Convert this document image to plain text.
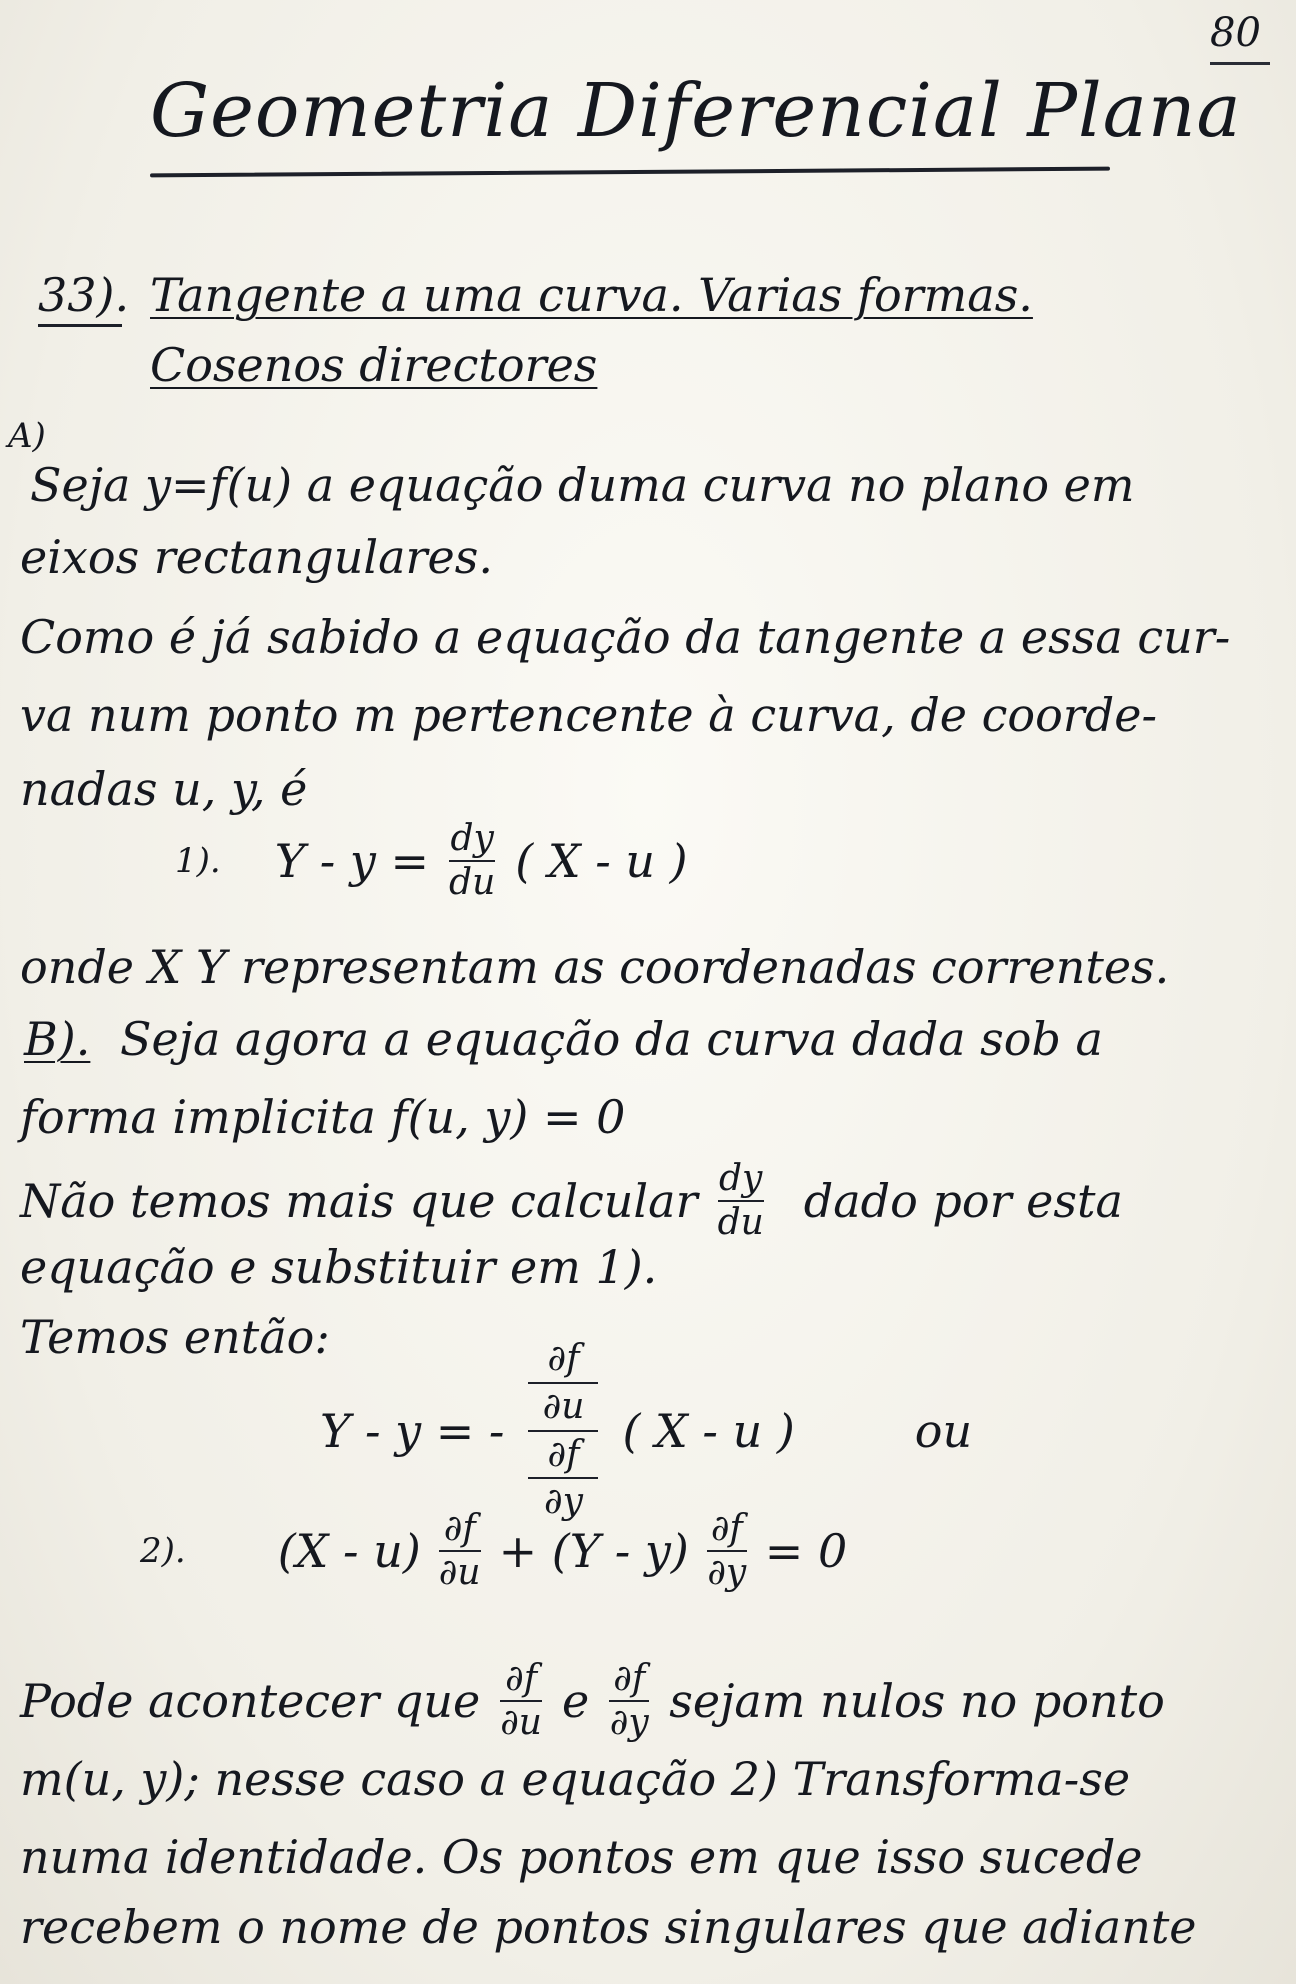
80
Geometria Diferencial Plana
33). Tangente a uma curva. Varias formas.
Cosenos directores
A)
Seja y=f(u) a equação duma curva no plano em
eixos rectangulares.
Como é já sabido a equação da tangente a essa cur-
va num ponto m pertencente à curva, de coorde-
nadas u, y, é
1). $Y - y = \frac{dy}{du}$ ( X - u )
onde X Y representam as coordenadas correntes.
B). Seja agora a equação da curva dada sob a
forma implicita f(u, y) = 0
Não temos mais que calcular $\frac{dy}{du}$ dado por esta
equação e substituir em 1).
Temos então:
Y - y = -
$\frac{\partial f}{\partial u}$
$\frac{\partial f}{\partial y}$
( X - u )	ou
2). $(X - u) \frac{\partial f}{\partial u} + (Y - y) \frac{\partial f}{\partial y} = 0$
Pode acontecer que $\frac{\partial f}{\partial u}$ e $\frac{\partial f}{\partial y}$ sejam nulos no ponto
m(u, y); nesse caso a equação 2) Transforma-se
numa identidade. Os pontos em que isso sucede
recebem o nome de pontos singulares que adiante
